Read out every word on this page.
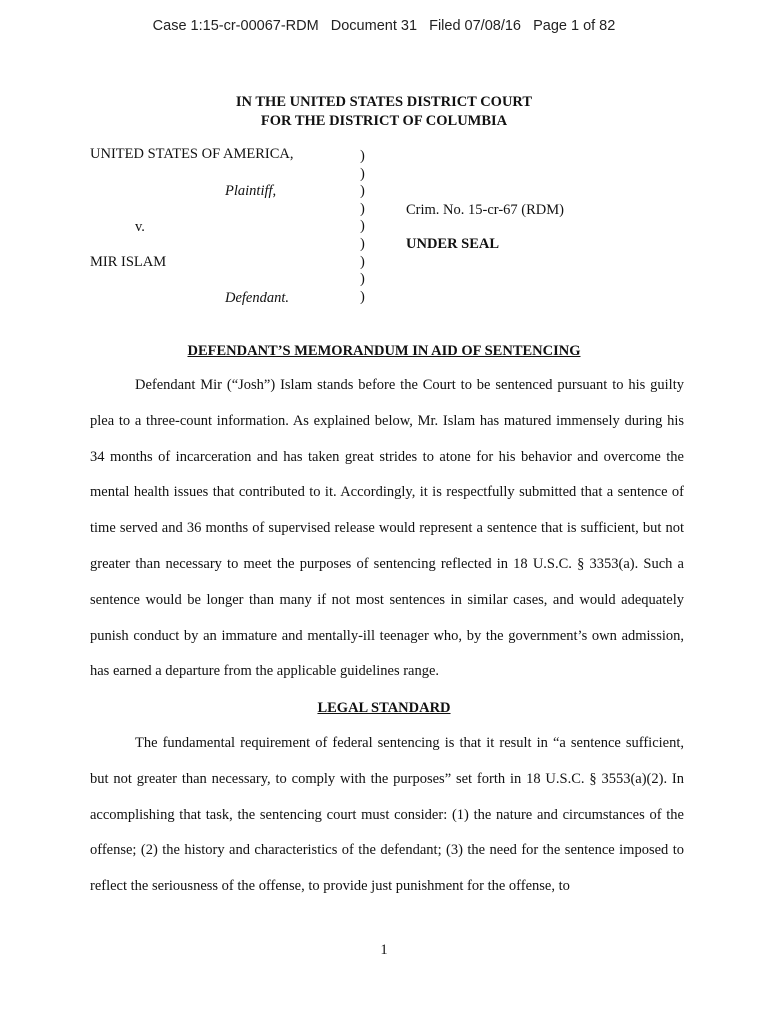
Case 1:15-cr-00067-RDM   Document 31   Filed 07/08/16   Page 1 of 82
IN THE UNITED STATES DISTRICT COURT
FOR THE DISTRICT OF COLUMBIA
UNITED STATES OF AMERICA,
Plaintiff,
v.
MIR ISLAM
Defendant.
)
)
)
)
)
)
)
)
)
Crim. No. 15-cr-67 (RDM)
UNDER SEAL
DEFENDANT’S MEMORANDUM IN AID OF SENTENCING

Defendant Mir (“Josh”) Islam stands before the Court to be sentenced pursuant to his guilty plea to a three-count information. As explained below, Mr. Islam has matured immensely during his 34 months of incarceration and has taken great strides to atone for his behavior and overcome the mental health issues that contributed to it. Accordingly, it is respectfully submitted that a sentence of time served and 36 months of supervised release would represent a sentence that is sufficient, but not greater than necessary to meet the purposes of sentencing reflected in 18 U.S.C. § 3353(a). Such a sentence would be longer than many if not most sentences in similar cases, and would adequately punish conduct by an immature and mentally-ill teenager who, by the government’s own admission, has earned a departure from the applicable guidelines range.

LEGAL STANDARD

The fundamental requirement of federal sentencing is that it result in “a sentence sufficient, but not greater than necessary, to comply with the purposes” set forth in 18 U.S.C. § 3553(a)(2). In accomplishing that task, the sentencing court must consider: (1) the nature and circumstances of the offense; (2) the history and characteristics of the defendant; (3) the need for the sentence imposed to reflect the seriousness of the offense, to provide just punishment for the offense, to

1
